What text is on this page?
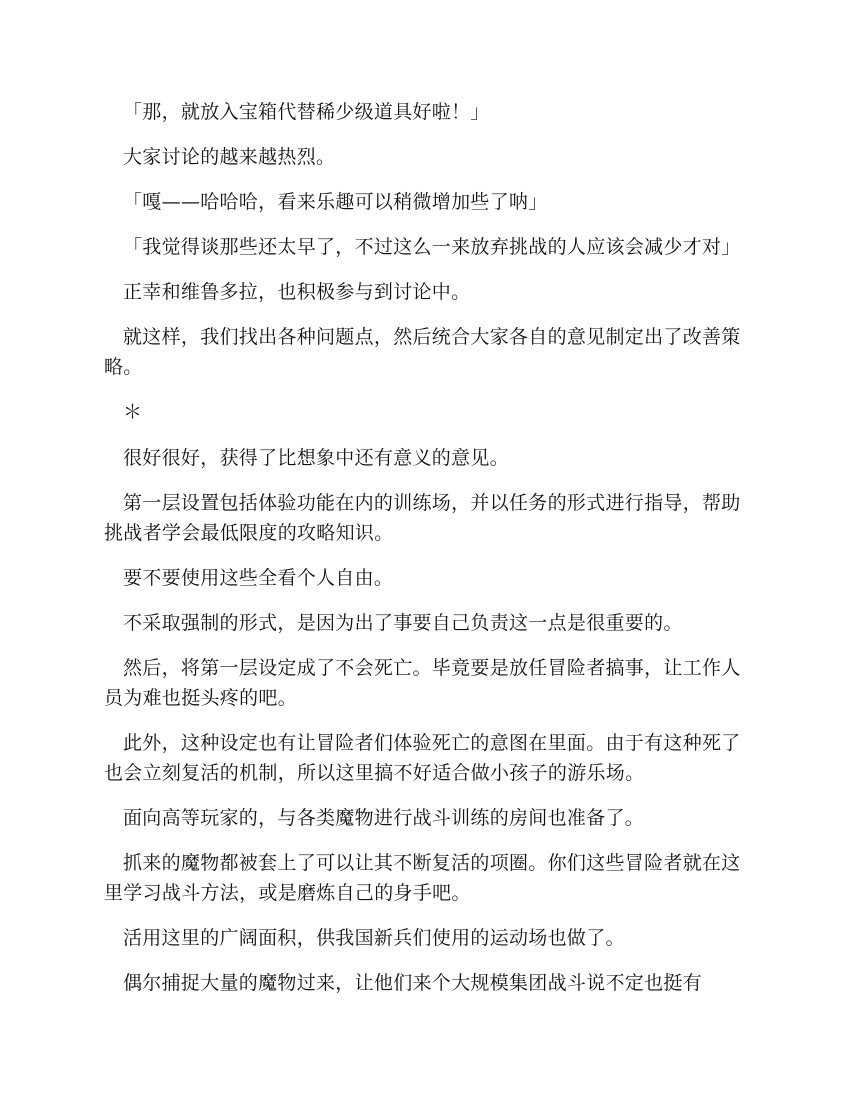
「那，就放入宝箱代替稀少级道具好啦！」

大家讨论的越来越热烈。

「嘎——哈哈哈，看来乐趣可以稍微增加些了呐」

「我觉得谈那些还太早了，不过这么一来放弃挑战的人应该会减少才对」

正幸和维鲁多拉，也积极参与到讨论中。

就这样，我们找出各种问题点，然后统合大家各自的意见制定出了改善策略。

＊

很好很好，获得了比想象中还有意义的意见。

第一层设置包括体验功能在内的训练场，并以任务的形式进行指导，帮助挑战者学会最低限度的攻略知识。

要不要使用这些全看个人自由。

不采取强制的形式，是因为出了事要自己负责这一点是很重要的。

然后，将第一层设定成了不会死亡。毕竟要是放任冒险者搞事，让工作人员为难也挺头疼的吧。

此外，这种设定也有让冒险者们体验死亡的意图在里面。由于有这种死了也会立刻复活的机制，所以这里搞不好适合做小孩子的游乐场。

面向高等玩家的，与各类魔物进行战斗训练的房间也准备了。

抓来的魔物都被套上了可以让其不断复活的项圈。你们这些冒险者就在这里学习战斗方法，或是磨炼自己的身手吧。

活用这里的广阔面积，供我国新兵们使用的运动场也做了。

偶尔捕捉大量的魔物过来，让他们来个大规模集团战斗说不定也挺有
